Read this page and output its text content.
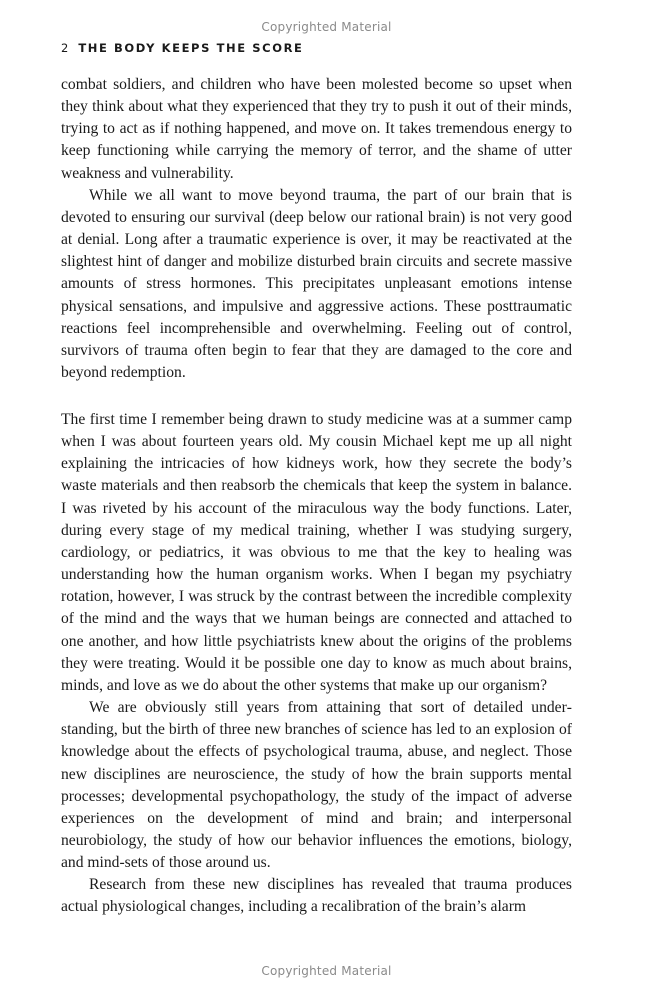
Copyrighted Material
2 THE BODY KEEPS THE SCORE

combat soldiers, and children who have been molested become so upset when they think about what they experienced that they try to push it out of their minds, trying to act as if nothing happened, and move on. It takes tremendous energy to keep functioning while carrying the memory of terror, and the shame of utter weakness and vulnerability.

While we all want to move beyond trauma, the part of our brain that is devoted to ensuring our survival (deep below our rational brain) is not very good at denial. Long after a traumatic experience is over, it may be reactivated at the slightest hint of danger and mobilize disturbed brain circuits and secrete massive amounts of stress hormones. This precipitates unpleasant emotions intense physical sensations, and impulsive and aggressive actions. These posttraumatic reactions feel incomprehensible and overwhelming. Feeling out of control, survivors of trauma often begin to fear that they are damaged to the core and beyond redemption.

The first time I remember being drawn to study medicine was at a summer camp when I was about fourteen years old. My cousin Michael kept me up all night explaining the intricacies of how kidneys work, how they secrete the body’s waste materials and then reabsorb the chemicals that keep the system in balance. I was riveted by his account of the miraculous way the body functions. Later, during every stage of my medical training, whether I was studying surgery, cardiology, or pediatrics, it was obvious to me that the key to healing was understanding how the human organism works. When I began my psychiatry rotation, however, I was struck by the contrast between the incredible complexity of the mind and the ways that we human beings are connected and attached to one another, and how little psychiatrists knew about the origins of the problems they were treating. Would it be possible one day to know as much about brains, minds, and love as we do about the other systems that make up our organism?

We are obviously still years from attaining that sort of detailed understanding, but the birth of three new branches of science has led to an explosion of knowledge about the effects of psychological trauma, abuse, and neglect. Those new disciplines are neuroscience, the study of how the brain supports mental processes; developmental psychopathology, the study of the impact of adverse experiences on the development of mind and brain; and interpersonal neurobiology, the study of how our behavior influences the emotions, biology, and mind-sets of those around us.

Research from these new disciplines has revealed that trauma produces actual physiological changes, including a recalibration of the brain’s alarm

Copyrighted Material
